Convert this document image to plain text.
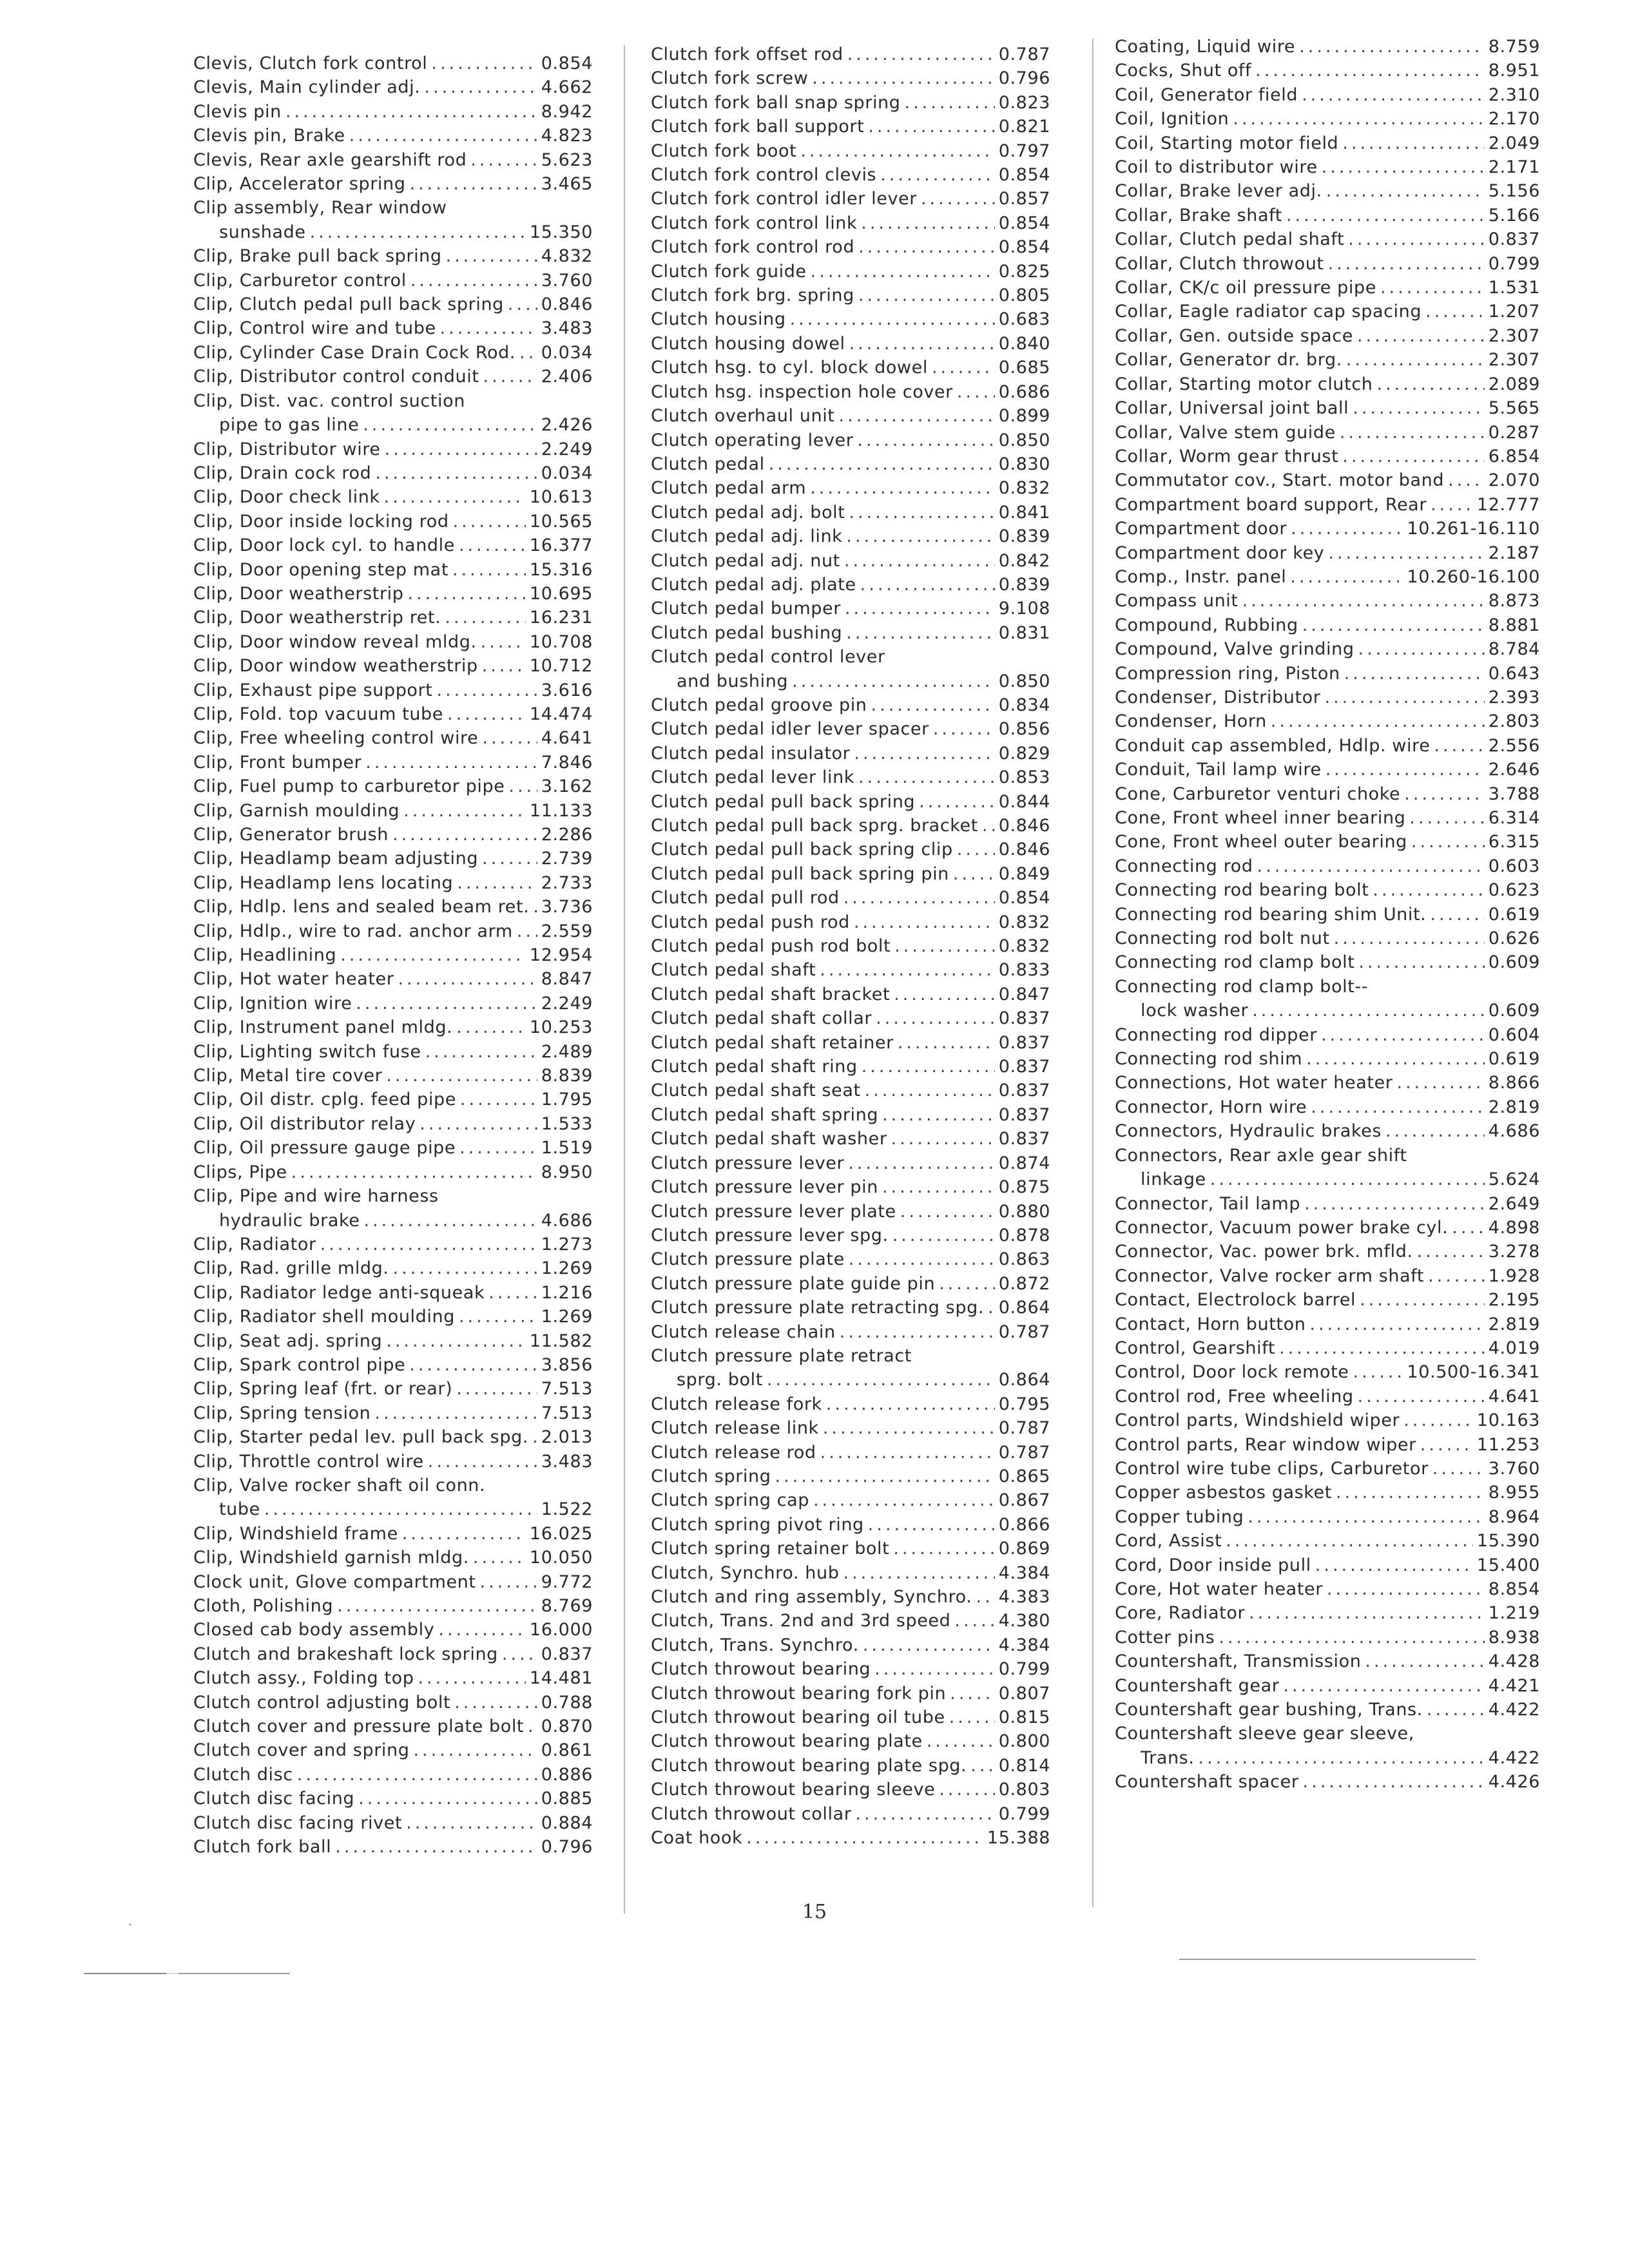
Clevis, Clutch fork control .....	0.854
Clevis, Main cylinder adj. .....	4.662
Clevis pin .....	8.942
Clevis pin, Brake .....	4.823
Clevis, Rear axle gearshift rod .....	5.623
Clip, Accelerator spring .....	3.465
Clip assembly, Rear window
sunshade .....	15.350
Clip, Brake pull back spring .....	4.832
Clip, Carburetor control .....	3.760
Clip, Clutch pedal pull back spring ..... 0.846
Clip, Control wire and tube .....	3.483
Clip, Cylinder Case Drain Cock Rod. ..... 0.034
Clip, Distributor control conduit .....	2.406
Clip, Dist. vac. control suction
pipe to gas line .....	2.426
Clip, Distributor wire .....	2.249
Clip, Drain cock rod .....	0.034
Clip, Door check link .....	10.613
Clip, Door inside locking rod .....	10.565
Clip, Door lock cyl. to handle .....	16.377
Clip, Door opening step mat .....	15.316
Clip, Door weatherstrip .....	10.695
Clip, Door weatherstrip ret. .....	16.231
Clip, Door window reveal mldg. .....	10.708
Clip, Door window weatherstrip .....	10.712
Clip, Exhaust pipe support .....	3.616
Clip, Fold. top vacuum tube .....	14.474
Clip, Free wheeling control wire .....	4.641
Clip, Front bumper .....	7.846
Clip, Fuel pump to carburetor pipe ..... 3.162
Clip, Garnish moulding .....	11.133
Clip, Generator brush .....	2.286
Clip, Headlamp beam adjusting .....	2.739
Clip, Headlamp lens locating .....	2.733
Clip, Hdlp. lens and sealed beam ret. ..... 3.736
Clip, Hdlp., wire to rad. anchor arm ..... 2.559
Clip, Headlining .....	12.954
Clip, Hot water heater .....	8.847
Clip, Ignition wire .....	2.249
Clip, Instrument panel mldg. .....	10.253
Clip, Lighting switch fuse .....	2.489
Clip, Metal tire cover .....	8.839
Clip, Oil distr. cplg. feed pipe .....	1.795
Clip, Oil distributor relay .....	1.533
Clip, Oil pressure gauge pipe .....	1.519
Clips, Pipe .....	8.950
Clip, Pipe and wire harness
hydraulic brake .....	4.686
Clip, Radiator .....	1.273
Clip, Rad. grille mldg. .....	1.269
Clip, Radiator ledge anti-squeak .....	1.216
Clip, Radiator shell moulding .....	1.269
Clip, Seat adj. spring .....	11.582
Clip, Spark control pipe .....	3.856
Clip, Spring leaf (frt. or rear) .....	7.513
Clip, Spring tension .....	7.513
Clip, Starter pedal lev. pull back spg. ..... 2.013
Clip, Throttle control wire .....	3.483
Clip, Valve rocker shaft oil conn.
tube .....	1.522
Clip, Windshield frame .....	16.025
Clip, Windshield garnish mldg. .....	10.050
Clock unit, Glove compartment .....	9.772
Cloth, Polishing .....	8.769
Closed cab body assembly .....	16.000
Clutch and brakeshaft lock spring ..... 0.837
Clutch assy., Folding top .....	14.481
Clutch control adjusting bolt .....	0.788
Clutch cover and pressure plate bolt ..... 0.870
Clutch cover and spring .....	0.861
Clutch disc .....	0.886
Clutch disc facing .....	0.885
Clutch disc facing rivet .....	0.884
Clutch fork ball .....	0.796
Clutch fork offset rod .....	0.787
Clutch fork screw .....	0.796
Clutch fork ball snap spring .....	0.823
Clutch fork ball support .....	0.821
Clutch fork boot .....	0.797
Clutch fork control clevis .....	0.854
Clutch fork control idler lever .....	0.857
Clutch fork control link .....	0.854
Clutch fork control rod .....	0.854
Clutch fork guide .....	0.825
Clutch fork brg. spring .....	0.805
Clutch housing .....	0.683
Clutch housing dowel .....	0.840
Clutch hsg. to cyl. block dowel .....	0.685
Clutch hsg. inspection hole cover .....	0.686
Clutch overhaul unit .....	0.899
Clutch operating lever .....	0.850
Clutch pedal .....	0.830
Clutch pedal arm .....	0.832
Clutch pedal adj. bolt .....	0.841
Clutch pedal adj. link .....	0.839
Clutch pedal adj. nut .....	0.842
Clutch pedal adj. plate .....	0.839
Clutch pedal bumper .....	9.108
Clutch pedal bushing .....	0.831
Clutch pedal control lever
and bushing .....	0.850
Clutch pedal groove pin .....	0.834
Clutch pedal idler lever spacer .....	0.856
Clutch pedal insulator .....	0.829
Clutch pedal lever link .....	0.853
Clutch pedal pull back spring .....	0.844
Clutch pedal pull back sprg. bracket ..... 0.846
Clutch pedal pull back spring clip .....	0.846
Clutch pedal pull back spring pin .....	0.849
Clutch pedal pull rod .....	0.854
Clutch pedal push rod .....	0.832
Clutch pedal push rod bolt .....	0.832
Clutch pedal shaft .....	0.833
Clutch pedal shaft bracket .....	0.847
Clutch pedal shaft collar .....	0.837
Clutch pedal shaft retainer .....	0.837
Clutch pedal shaft ring .....	0.837
Clutch pedal shaft seat .....	0.837
Clutch pedal shaft spring .....	0.837
Clutch pedal shaft washer .....	0.837
Clutch pressure lever .....	0.874
Clutch pressure lever pin .....	0.875
Clutch pressure lever plate .....	0.880
Clutch pressure lever spg. .....	0.878
Clutch pressure plate .....	0.863
Clutch pressure plate guide pin .....	0.872
Clutch pressure plate retracting spg. ..... 0.864
Clutch release chain .....	0.787
Clutch pressure plate retract
sprg. bolt .....	0.864
Clutch release fork .....	0.795
Clutch release link .....	0.787
Clutch release rod .....	0.787
Clutch spring .....	0.865
Clutch spring cap .....	0.867
Clutch spring pivot ring .....	0.866
Clutch spring retainer bolt .....	0.869
Clutch, Synchro. hub .....	4.384
Clutch and ring assembly, Synchro. ..... 4.383
Clutch, Trans. 2nd and 3rd speed .....	4.380
Clutch, Trans. Synchro. .....	4.384
Clutch throwout bearing .....	0.799
Clutch throwout bearing fork pin .....	0.807
Clutch throwout bearing oil tube .....	0.815
Clutch throwout bearing plate .....	0.800
Clutch throwout bearing plate spg. ..... 0.814
Clutch throwout bearing sleeve .....	0.803
Clutch throwout collar .....	0.799
Coat hook .....	15.388
Coating, Liquid wire .....	8.759
Cocks, Shut off .....	8.951
Coil, Generator field .....	2.310
Coil, Ignition .....	2.170
Coil, Starting motor field .....	2.049
Coil to distributor wire .....	2.171
Collar, Brake lever adj. .....	5.156
Collar, Brake shaft .....	5.166
Collar, Clutch pedal shaft .....	0.837
Collar, Clutch throwout .....	0.799
Collar, CK/c oil pressure pipe .....	1.531
Collar, Eagle radiator cap spacing .....	1.207
Collar, Gen. outside space .....	2.307
Collar, Generator dr. brg. .....	2.307
Collar, Starting motor clutch .....	2.089
Collar, Universal joint ball .....	5.565
Collar, Valve stem guide .....	0.287
Collar, Worm gear thrust .....	6.854
Commutator cov., Start. motor band .....	2.070
Compartment board support, Rear .....	12.777
Compartment door .....	10.261-16.110
Compartment door key .....	2.187
Comp., Instr. panel .....	10.260-16.100
Compass unit .....	8.873
Compound, Rubbing .....	8.881
Compound, Valve grinding .....	8.784
Compression ring, Piston .....	0.643
Condenser, Distributor .....	2.393
Condenser, Horn .....	2.803
Conduit cap assembled, Hdlp. wire .....	2.556
Conduit, Tail lamp wire .....	2.646
Cone, Carburetor venturi choke .....	3.788
Cone, Front wheel inner bearing .....	6.314
Cone, Front wheel outer bearing .....	6.315
Connecting rod .....	0.603
Connecting rod bearing bolt .....	0.623
Connecting rod bearing shim Unit. .....	0.619
Connecting rod bolt nut .....	0.626
Connecting rod clamp bolt .....	0.609
Connecting rod clamp bolt--
lock washer .....	0.609
Connecting rod dipper .....	0.604
Connecting rod shim .....	0.619
Connections, Hot water heater .....	8.866
Connector, Horn wire .....	2.819
Connectors, Hydraulic brakes .....	4.686
Connectors, Rear axle gear shift
linkage .....	5.624
Connector, Tail lamp .....	2.649
Connector, Vacuum power brake cyl. ..... 4.898
Connector, Vac. power brk. mfld. .....	3.278
Connector, Valve rocker arm shaft .....	1.928
Contact, Electrolock barrel .....	2.195
Contact, Horn button .....	2.819
Control, Gearshift .....	4.019
Control, Door lock remote .....	10.500-16.341
Control rod, Free wheeling .....	4.641
Control parts, Windshield wiper .....	10.163
Control parts, Rear window wiper .....	11.253
Control wire tube clips, Carburetor .....	3.760
Copper asbestos gasket .....	8.955
Copper tubing .....	8.964
Cord, Assist .....	15.390
Cord, Door inside pull .....	15.400
Core, Hot water heater .....	8.854
Core, Radiator .....	1.219
Cotter pins .....	8.938
Countershaft, Transmission .....	4.428
Countershaft gear .....	4.421
Countershaft gear bushing, Trans. .....	4.422
Countershaft sleeve gear sleeve,
Trans. .....	4.422
Countershaft spacer .....	4.426
15
